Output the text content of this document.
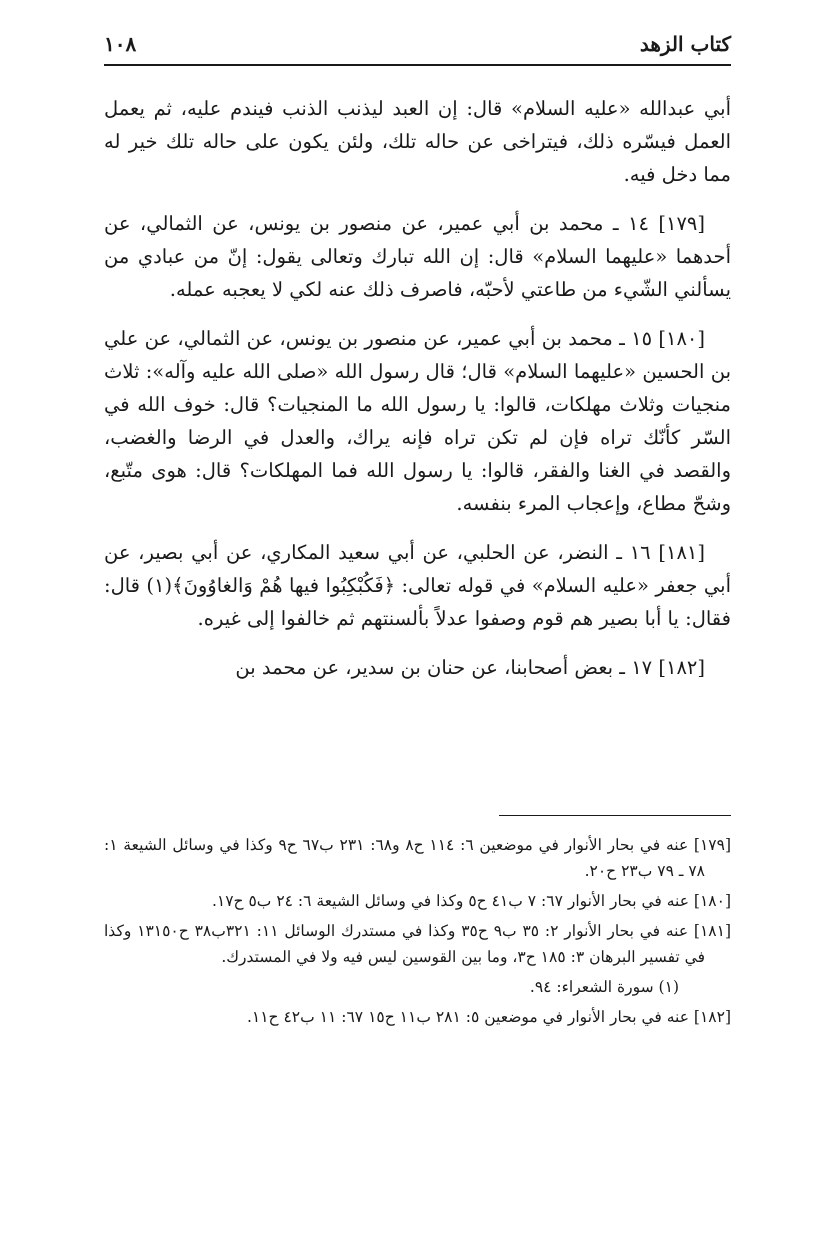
كتاب الزهد
١٠٨

أبي عبدالله «عليه السلام» قال: إن العبد ليذنب الذنب فيندم عليه، ثم يعمل العمل فيسّره ذلك، فيتراخى عن حاله تلك، ولئن يكون على حاله تلك خير له مما دخل فيه.

[١٧٩] ١٤ ـ محمد بن أبي عمير، عن منصور بن يونس، عن الثمالي، عن أحدهما «عليهما السلام» قال: إن الله تبارك وتعالى يقول: إنّ من عبادي من يسألني الشّيء من طاعتي لأحبّه، فاصرف ذلك عنه لكي لا يعجبه عمله.

[١٨٠] ١٥ ـ محمد بن أبي عمير، عن منصور بن يونس، عن الثمالي، عن علي بن الحسين «عليهما السلام» قال؛ قال رسول الله «صلى الله عليه وآله»: ثلاث منجيات وثلاث مهلكات، قالوا: يا رسول الله ما المنجيات؟ قال: خوف الله في السّر كأنّك تراه فإن لم تكن تراه فإنه يراك، والعدل في الرضا والغضب، والقصد في الغنا والفقر، قالوا: يا رسول الله فما المهلكات؟ قال: هوى متّبع، وشحّ مطاع، وإعجاب المرء بنفسه.

[١٨١] ١٦ ـ النضر، عن الحلبي، عن أبي سعيد المكاري، عن أبي بصير، عن أبي جعفر «عليه السلام» في قوله تعالى: ﴿فَكُبْكِبُوا فيها هُمْ وَالغاوُونَ﴾(١) قال: فقال: يا أبا بصير هم قوم وصفوا عدلاً بألسنتهم ثم خالفوا إلى غيره.

[١٨٢] ١٧ ـ بعض أصحابنا، عن حنان بن سدير، عن محمد بن

[١٧٩] عنه في بحار الأنوار في موضعين ٦: ١١٤ ح٨ و٦٨: ٢٣١ ب٦٧ ح٩ وكذا في وسائل الشيعة ١: ٧٨ ـ ٧٩ ب٢٣ ح٢٠.

[١٨٠] عنه في بحار الأنوار ٦٧: ٧ ب٤١ ح٥ وكذا في وسائل الشيعة ٦: ٢٤ ب٥ ح١٧.

[١٨١] عنه في بحار الأنوار ٢: ٣٥ ب٩ ح٣٥ وكذا في مستدرك الوسائل ١١: ٣٢١ب٣٨ ح١٣١٥٠ وكذا في تفسير البرهان ٣: ١٨٥ ح٣، وما بين القوسين ليس فيه ولا في المستدرك.

(١) سورة الشعراء: ٩٤.

[١٨٢] عنه في بحار الأنوار في موضعين ٥: ٢٨١ ب١١ ح١٥ ٦٧: ١١ ب٤٢ ح١١.
